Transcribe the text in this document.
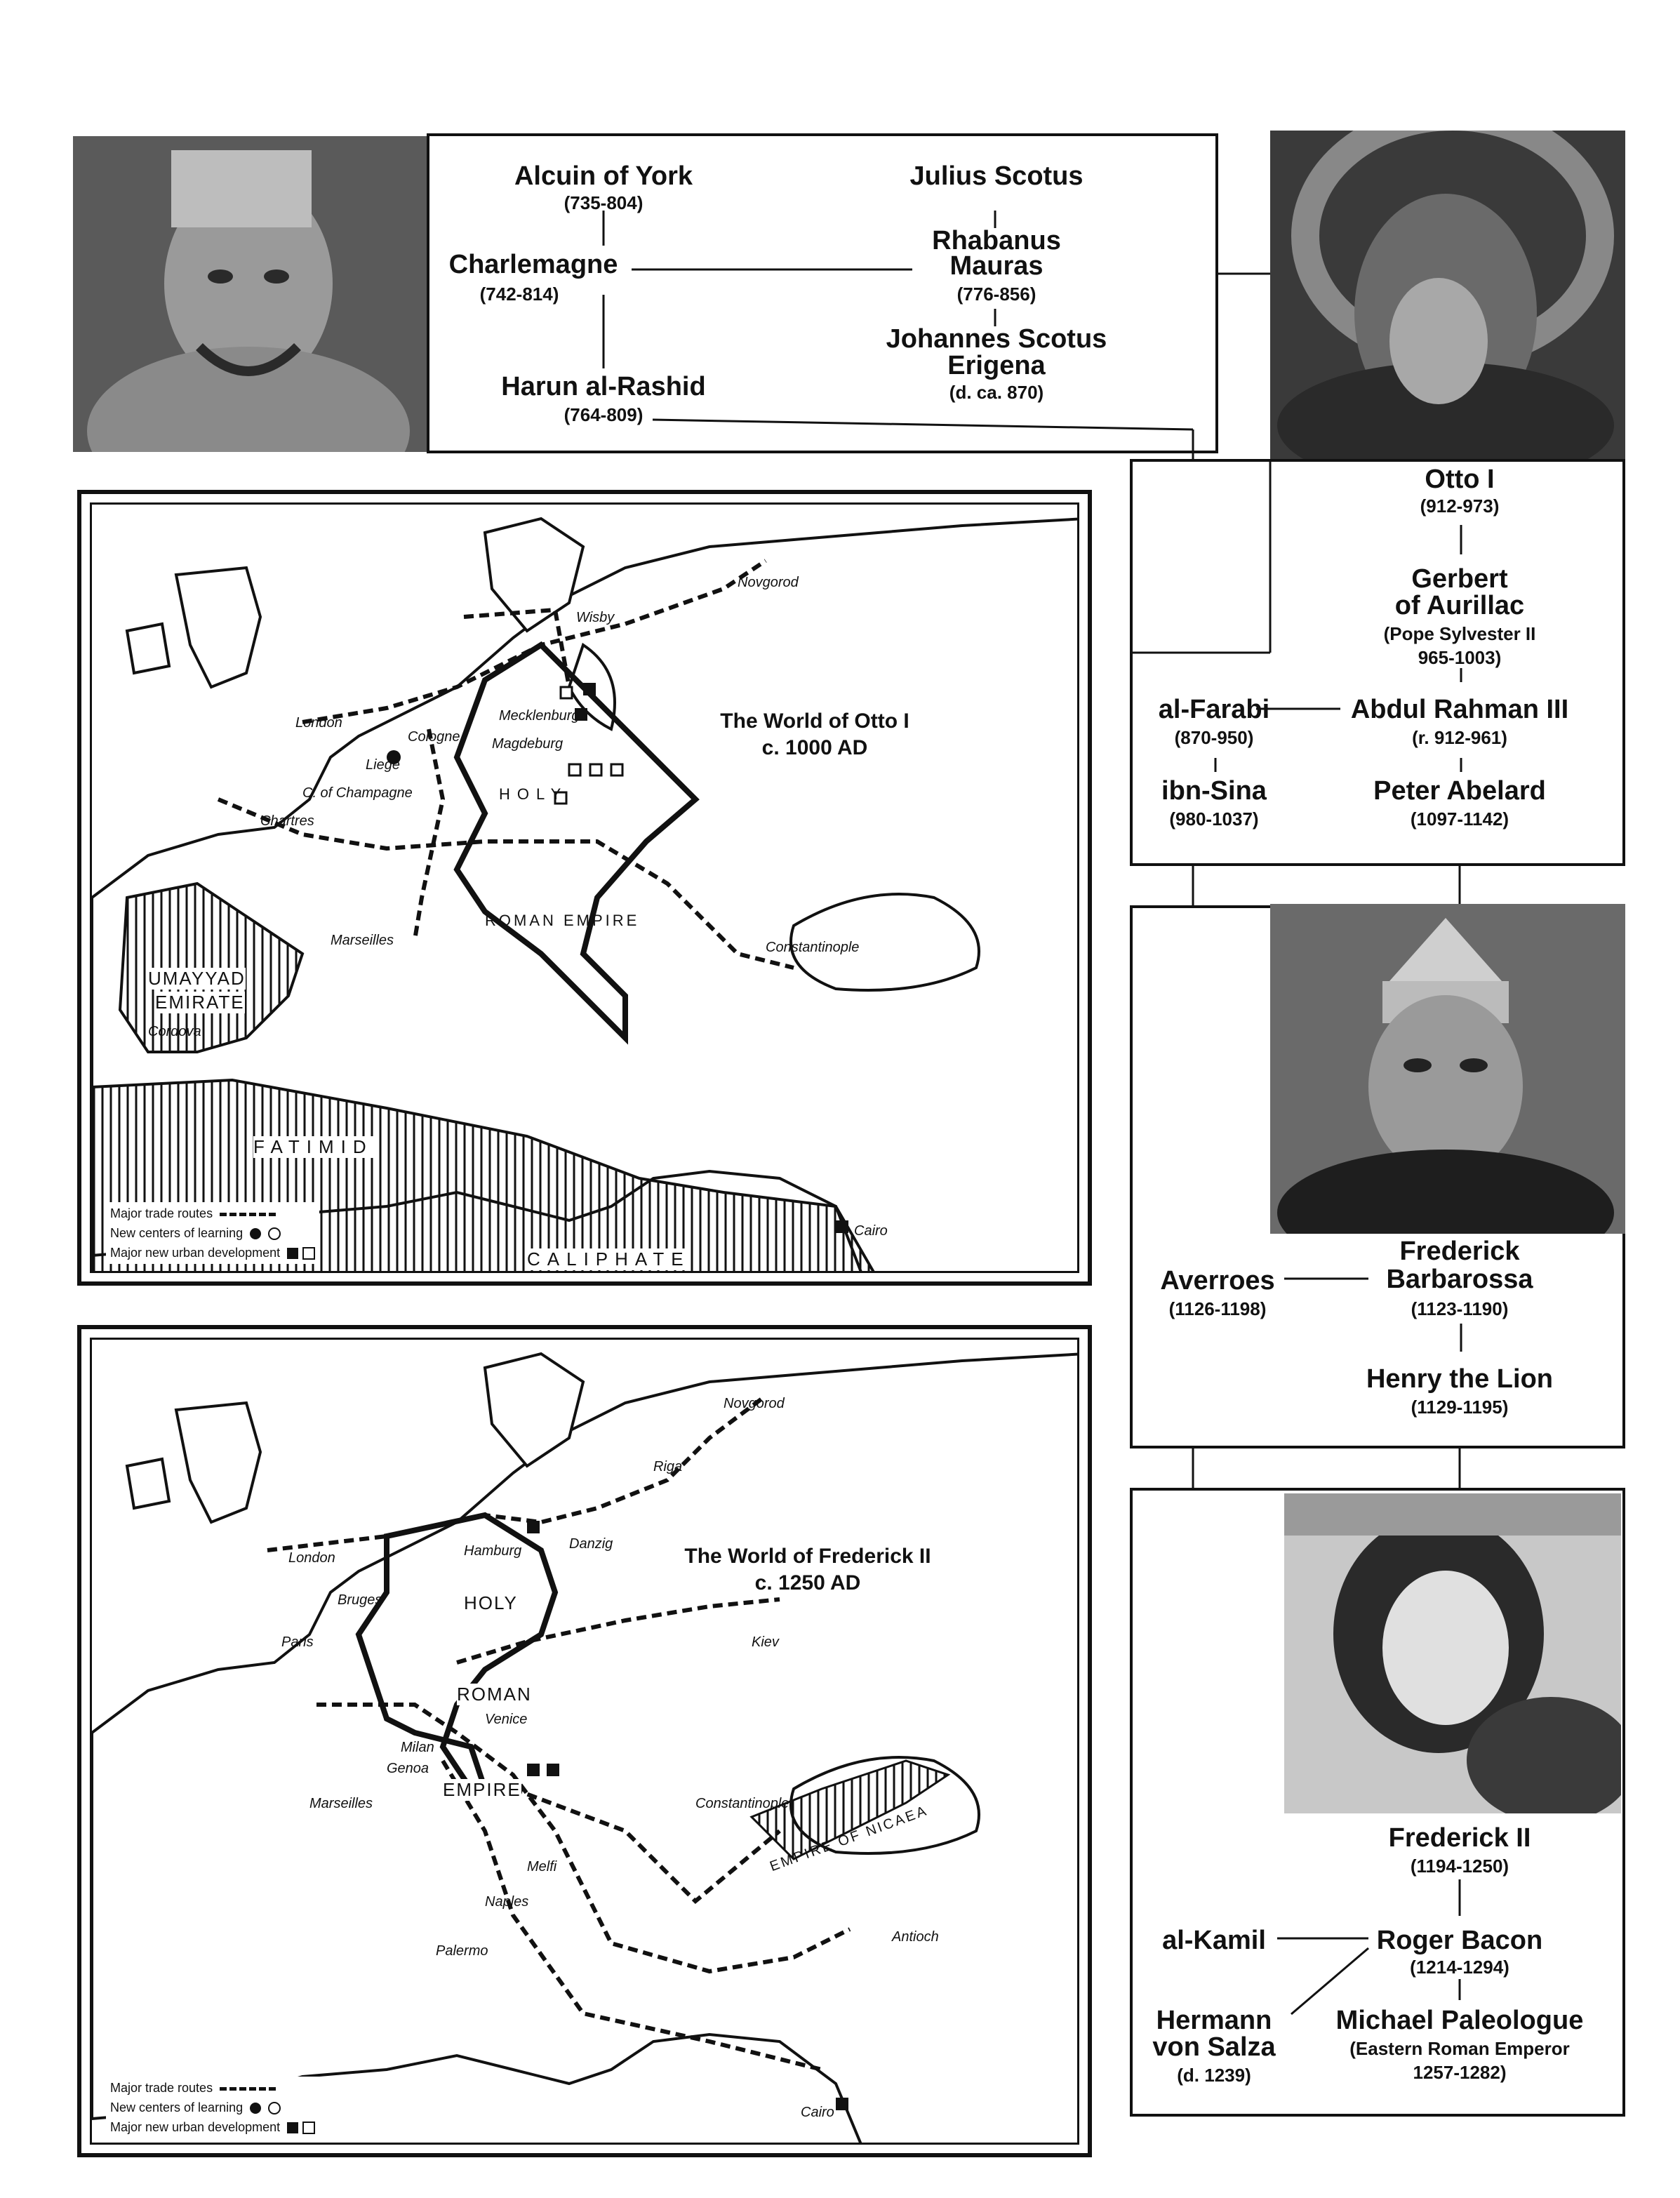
Alcuin of York
(735-804)
Charlemagne
(742-814)
Harun al-Rashid
(764-809)
Julius Scotus
Rhabanus
Mauras
(776-856)
Johannes Scotus
Erigena
(d. ca. 870)
Otto I
(912-973)
Gerbert
of Aurillac
(Pope Sylvester II
965-1003)
al-Farabi
(870-950)
Abdul Rahman III
(r. 912-961)
ibn-Sina
(980-1037)
Peter Abelard
(1097-1142)
Averroes
(1126-1198)
Frederick
Barbarossa
(1123-1190)
Henry the Lion
(1129-1195)
Frederick II
(1194-1250)
al-Kamil	Roger Bacon
(1214-1294)
Hermann
von Salza
(d. 1239)
Michael Paleologue
(Eastern Roman Emperor
1257-1282)
The World of Otto I
c. 1000 AD
Novgorod
Wisby
London
Cologne
Mecklenburg
Magdeburg
Liege
C. of Champagne
Chartres
Marseilles	Constantinople
Cordova
Cairo
HOLY
ROMAN EMPIRE
UMAYYAD
EMIRATE
FATIMID
CALIPHATE
Major trade routes
New centers of learning
Major new urban development
The World of Frederick II
c. 1250 AD
Novgorod
Riga
London	Hamburg	Danzig
Bruges
Paris	Kiev
Milan
Venice
Genoa
Marseilles
Melfi
Naples
Palermo
Constantinople
Antioch
Cairo
HOLY
ROMAN
EMPIRE
EMPIRE OF NICAEA
Major trade routes
New centers of learning
Major new urban development
